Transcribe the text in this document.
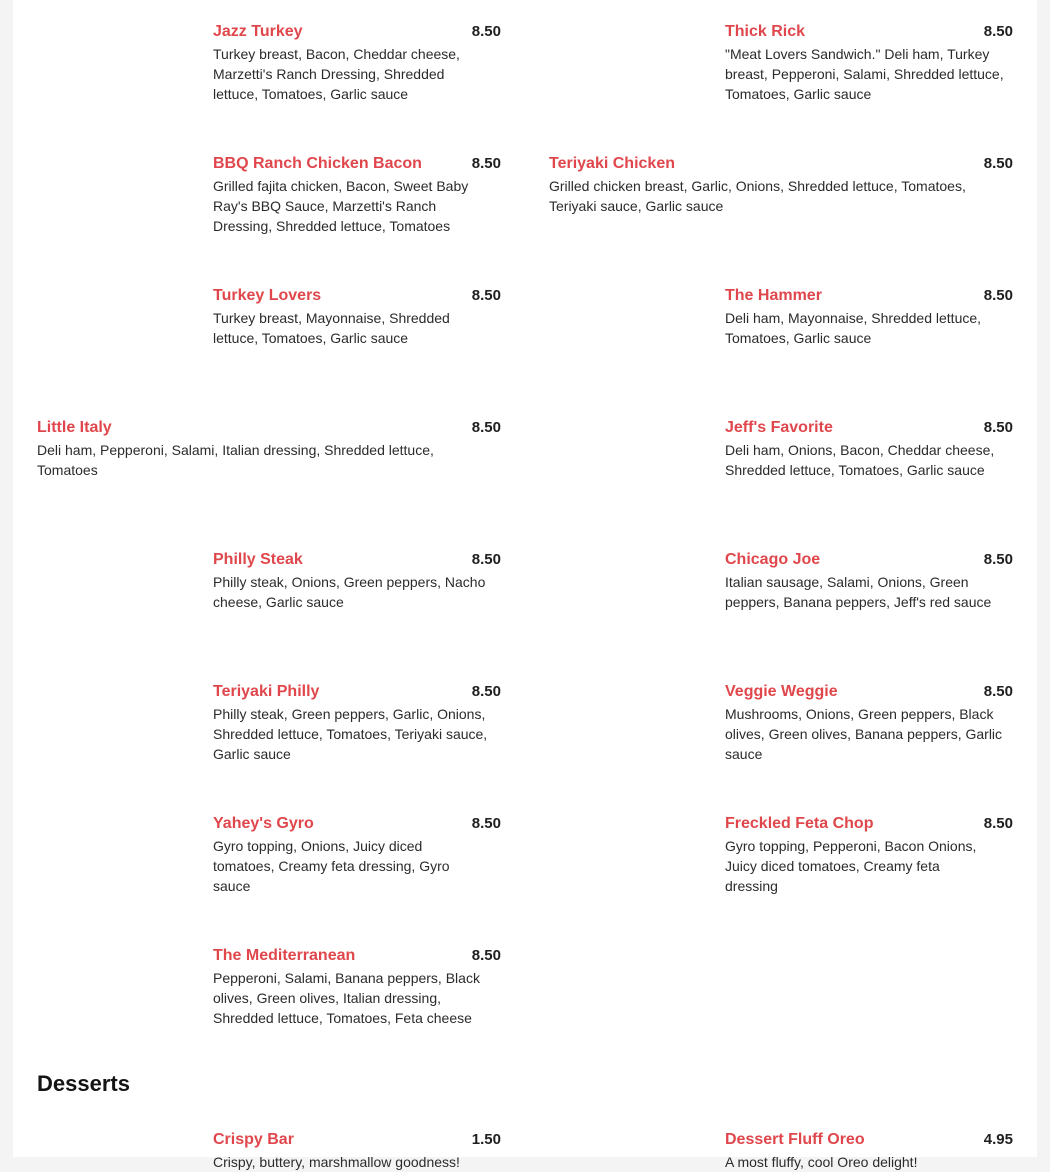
Jazz Turkey	8.50
Turkey breast, Bacon, Cheddar cheese, Marzetti's Ranch Dressing, Shredded lettuce, Tomatoes, Garlic sauce
Thick Rick	8.50
"Meat Lovers Sandwich." Deli ham, Turkey breast, Pepperoni, Salami, Shredded lettuce, Tomatoes, Garlic sauce
BBQ Ranch Chicken Bacon	8.50
Grilled fajita chicken, Bacon, Sweet Baby Ray's BBQ Sauce, Marzetti's Ranch Dressing, Shredded lettuce, Tomatoes
Teriyaki Chicken	8.50
Grilled chicken breast, Garlic, Onions, Shredded lettuce, Tomatoes, Teriyaki sauce, Garlic sauce
Turkey Lovers	8.50
Turkey breast, Mayonnaise, Shredded lettuce, Tomatoes, Garlic sauce
The Hammer	8.50
Deli ham, Mayonnaise, Shredded lettuce, Tomatoes, Garlic sauce
Little Italy	8.50
Deli ham, Pepperoni, Salami, Italian dressing, Shredded lettuce, Tomatoes
Jeff's Favorite	8.50
Deli ham, Onions, Bacon, Cheddar cheese, Shredded lettuce, Tomatoes, Garlic sauce
Philly Steak	8.50
Philly steak, Onions, Green peppers, Nacho cheese, Garlic sauce
Chicago Joe	8.50
Italian sausage, Salami, Onions, Green peppers, Banana peppers, Jeff's red sauce
Teriyaki Philly	8.50
Philly steak, Green peppers, Garlic, Onions, Shredded lettuce, Tomatoes, Teriyaki sauce, Garlic sauce
Veggie Weggie	8.50
Mushrooms, Onions, Green peppers, Black olives, Green olives, Banana peppers, Garlic sauce
Yahey's Gyro	8.50
Gyro topping, Onions, Juicy diced tomatoes, Creamy feta dressing, Gyro sauce
Freckled Feta Chop	8.50
Gyro topping, Pepperoni, Bacon Onions, Juicy diced tomatoes, Creamy feta dressing
The Mediterranean	8.50
Pepperoni, Salami, Banana peppers, Black olives, Green olives, Italian dressing, Shredded lettuce, Tomatoes, Feta cheese
Desserts
Crispy Bar	1.50
Crispy, buttery, marshmallow goodness!
Dessert Fluff Oreo	4.95
A most fluffy, cool Oreo delight!
